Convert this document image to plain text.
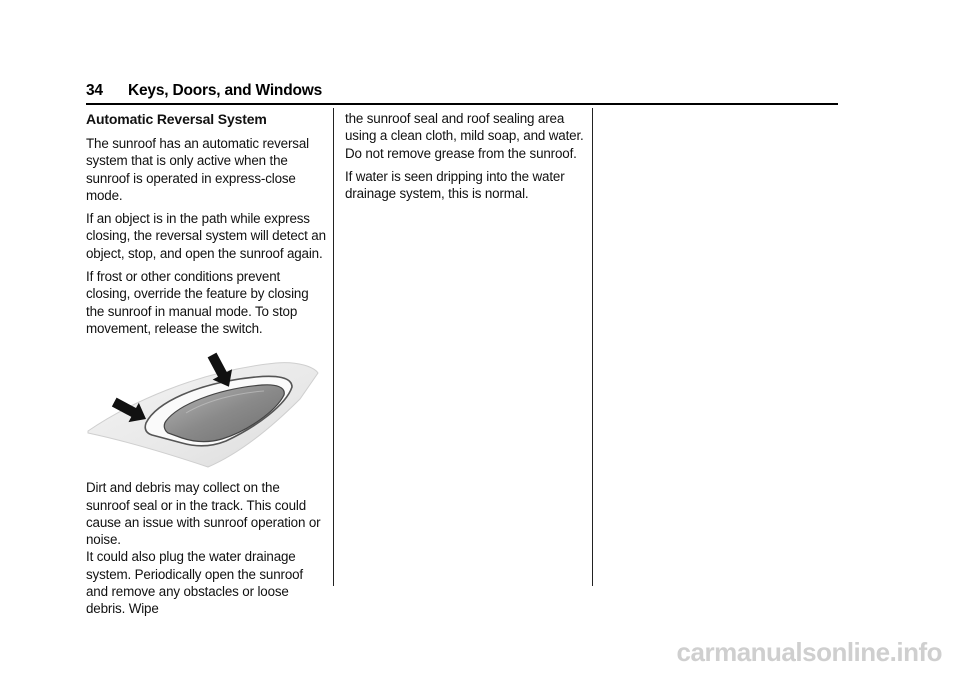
34 Keys, Doors, and Windows
Automatic Reversal System

The sunroof has an automatic reversal system that is only active when the sunroof is operated in express-close mode.

If an object is in the path while express closing, the reversal system will detect an object, stop, and open the sunroof again.

If frost or other conditions prevent closing, override the feature by closing the sunroof in manual mode. To stop movement, release the switch.

Dirt and debris may collect on the sunroof seal or in the track. This could cause an issue with sunroof operation or noise.

It could also plug the water drainage system. Periodically open the sunroof and remove any obstacles or loose debris. Wipe

the sunroof seal and roof sealing area using a clean cloth, mild soap, and water. Do not remove grease from the sunroof.

If water is seen dripping into the water drainage system, this is normal.

carmanualsonline.info
